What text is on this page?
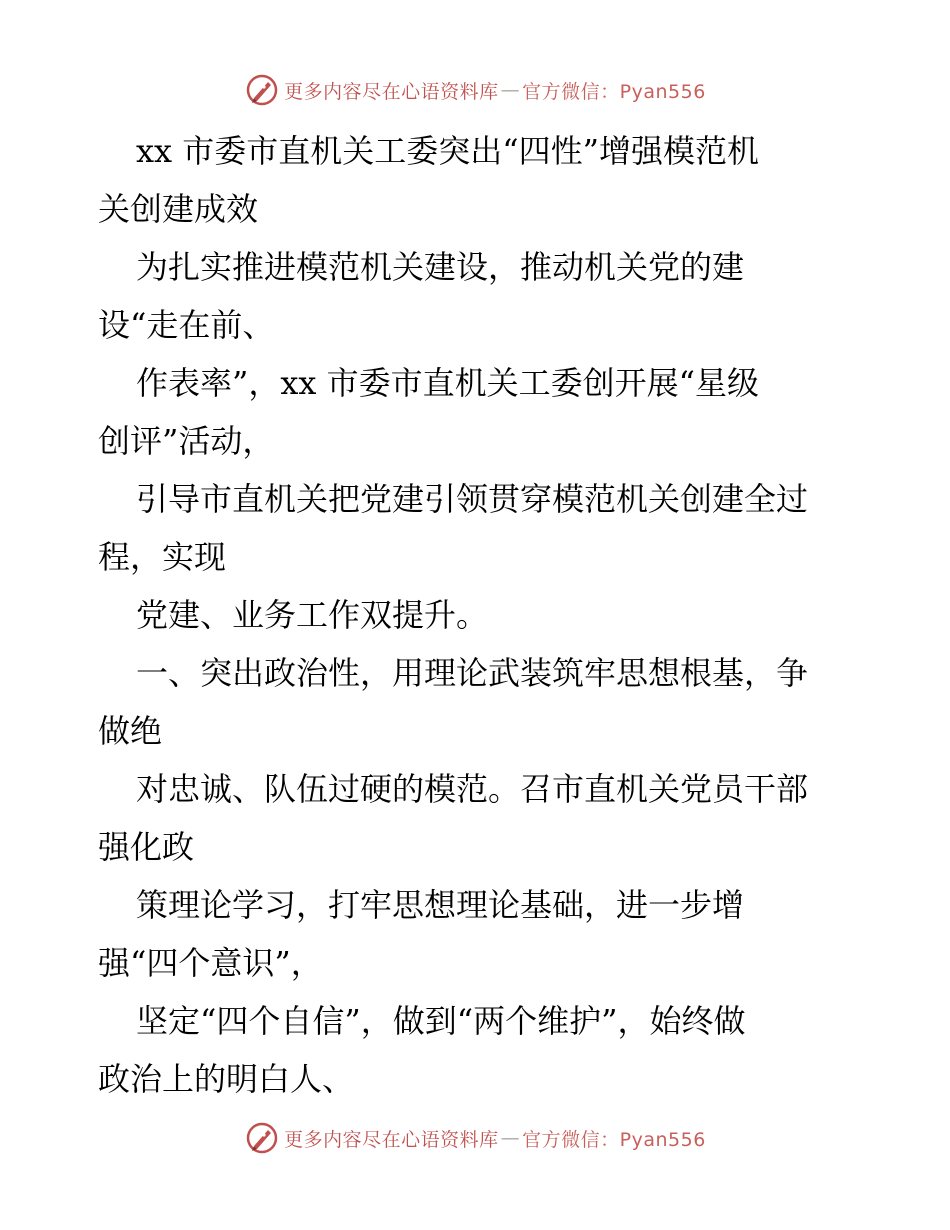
更多内容尽在心语资料库 — 官方微信：Pyan556
xx 市委市直机关工委突出“四性”增强模范机
关创建成效
为扎实推进模范机关建设，推动机关党的建
设“走在前、
作表率”，xx 市委市直机关工委创开展“星级
创评”活动，
引导市直机关把党建引领贯穿模范机关创建全过
程，实现
党建、业务工作双提升。
一、突出政治性，用理论武装筑牢思想根基，争
做绝
对忠诚、队伍过硬的模范。召市直机关党员干部
强化政
策理论学习，打牢思想理论基础，进一步增
强“四个意识”，
坚定“四个自信”，做到“两个维护”，始终做
政治上的明白人、
更多内容尽在心语资料库 — 官方微信：Pyan556
